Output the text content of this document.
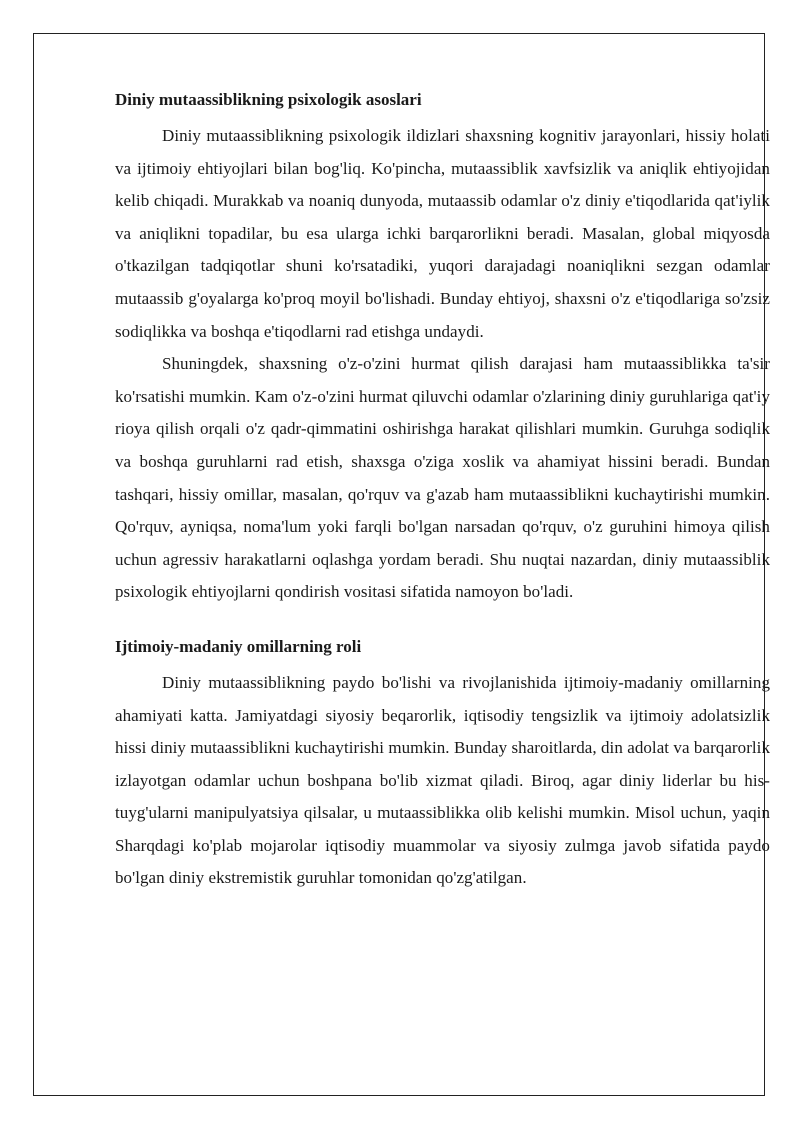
Diniy mutaassiblikning psixologik asoslari

Diniy mutaassiblikning psixologik ildizlari shaxsning kognitiv jarayonlari, hissiy holati va ijtimoiy ehtiyojlari bilan bog'liq. Ko'pincha, mutaassiblik xavfsizlik va aniqlik ehtiyojidan kelib chiqadi. Murakkab va noaniq dunyoda, mutaassib odamlar o'z diniy e'tiqodlarida qat'iylik va aniqlikni topadilar, bu esa ularga ichki barqarorlikni beradi. Masalan, global miqyosda o'tkazilgan tadqiqotlar shuni ko'rsatadiki, yuqori darajadagi noaniqlikni sezgan odamlar mutaassib g'oyalarga ko'proq moyil bo'lishadi. Bunday ehtiyoj, shaxsni o'z e'tiqodlariga so'zsiz sodiqlikka va boshqa e'tiqodlarni rad etishga undaydi.

Shuningdek, shaxsning o'z-o'zini hurmat qilish darajasi ham mutaassiblikka ta'sir ko'rsatishi mumkin. Kam o'z-o'zini hurmat qiluvchi odamlar o'zlarining diniy guruhlariga qat'iy rioya qilish orqali o'z qadr-qimmatini oshirishga harakat qilishlari mumkin. Guruhga sodiqlik va boshqa guruhlarni rad etish, shaxsga o'ziga xoslik va ahamiyat hissini beradi. Bundan tashqari, hissiy omillar, masalan, qo'rquv va g'azab ham mutaassiblikni kuchaytirishi mumkin. Qo'rquv, ayniqsa, noma'lum yoki farqli bo'lgan narsadan qo'rquv, o'z guruhini himoya qilish uchun agressiv harakatlarni oqlashga yordam beradi. Shu nuqtai nazardan, diniy mutaassiblik psixologik ehtiyojlarni qondirish vositasi sifatida namoyon bo'ladi.

Ijtimoiy-madaniy omillarning roli

Diniy mutaassiblikning paydo bo'lishi va rivojlanishida ijtimoiy-madaniy omillarning ahamiyati katta. Jamiyatdagi siyosiy beqarorlik, iqtisodiy tengsizlik va ijtimoiy adolatsizlik hissi diniy mutaassiblikni kuchaytirishi mumkin. Bunday sharoitlarda, din adolat va barqarorlik izlayotgan odamlar uchun boshpana bo'lib xizmat qiladi. Biroq, agar diniy liderlar bu his-tuyg'ularni manipulyatsiya qilsalar, u mutaassiblikka olib kelishi mumkin. Misol uchun, yaqin Sharqdagi ko'plab mojarolar iqtisodiy muammolar va siyosiy zulmga javob sifatida paydo bo'lgan diniy ekstremistik guruhlar tomonidan qo'zg'atilgan.
